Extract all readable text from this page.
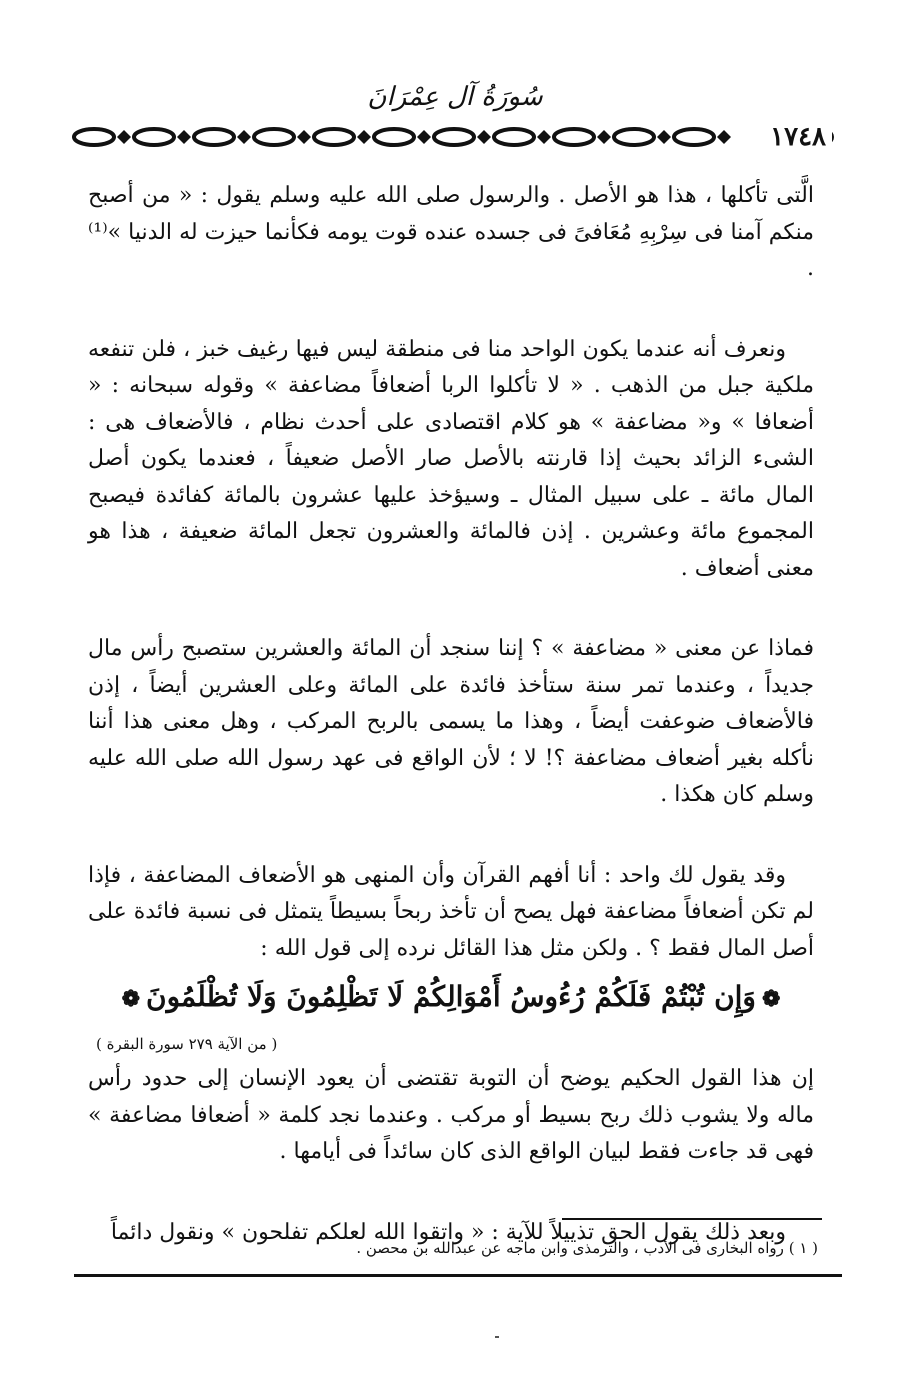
سُورَةُ آل عِمْرَانَ
١٧٤٨

الَّتى تأكلها ، هذا هو الأصل . والرسول صلى الله عليه وسلم يقول : « من أصبح منكم آمنا فى سِرْبِهِ مُعَافىً فى جسده عنده قوت يومه فكأنما حيزت له الدنيا »⁽¹⁾ .

ونعرف أنه عندما يكون الواحد منا فى منطقة ليس فيها رغيف خبز ، فلن تنفعه ملكية جبل من الذهب . « لا تأكلوا الربا أضعافاً مضاعفة » وقوله سبحانه : « أضعافا » و« مضاعفة » هو كلام اقتصادى على أحدث نظام ، فالأضعاف هى : الشىء الزائد بحيث إذا قارنته بالأصل صار الأصل ضعيفاً ، فعندما يكون أصل المال مائة ـ على سبيل المثال ـ وسيؤخذ عليها عشرون بالمائة كفائدة فيصبح المجموع مائة وعشرين . إذن فالمائة والعشرون تجعل المائة ضعيفة ، هذا هو معنى أضعاف .

فماذا عن معنى « مضاعفة » ؟ إننا سنجد أن المائة والعشرين ستصبح رأس مال جديداً ، وعندما تمر سنة ستأخذ فائدة على المائة وعلى العشرين أيضاً ، إذن فالأضعاف ضوعفت أيضاً ، وهذا ما يسمى بالربح المركب ، وهل معنى هذا أننا نأكله بغير أضعاف مضاعفة ؟! لا ؛ لأن الواقع فى عهد رسول الله صلى الله عليه وسلم كان هكذا .

وقد يقول لك واحد : أنا أفهم القرآن وأن المنهى هو الأضعاف المضاعفة ، فإذا لم تكن أضعافاً مضاعفة فهل يصح أن تأخذ ربحاً بسيطاً يتمثل فى نسبة فائدة على أصل المال فقط ؟ . ولكن مثل هذا القائل نرده إلى قول الله :

❁وَإِن تُبْتُمْ فَلَكُمْ رُءُوسُ أَمْوَالِكُمْ لَا تَظْلِمُونَ وَلَا تُظْلَمُونَ❁
( من الآية ٢٧٩ سورة البقرة )

إن هذا القول الحكيم يوضح أن التوبة تقتضى أن يعود الإنسان إلى حدود رأس ماله ولا يشوب ذلك ربح بسيط أو مركب . وعندما نجد كلمة « أضعافا مضاعفة » فهى قد جاءت فقط لبيان الواقع الذى كان سائداً فى أيامها .

وبعد ذلك يقول الحق تذييلاً للآية : « واتقوا الله لعلكم تفلحون » ونقول دائماً

( ١ ) رواه البخارى فى الأدب ، والترمذى وابن ماجه عن عبدالله بن محصن .
